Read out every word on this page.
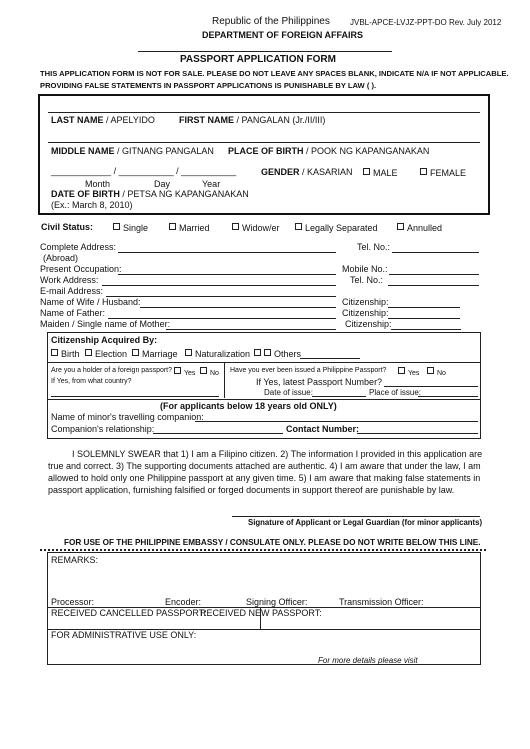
Republic of the Philippines	JVBL-APCE-LVJZ-PPT-DO Rev. July 2012
DEPARTMENT OF FOREIGN AFFAIRS
PASSPORT APPLICATION FORM
THIS APPLICATION FORM IS NOT FOR SALE. PLEASE DO NOT LEAVE ANY SPACES BLANK, INDICATE N/A IF NOT APPLICABLE.
PROVIDING FALSE STATEMENTS IN PASSPORT APPLICATIONS IS PUNISHABLE BY LAW ( ).
LAST NAME / APELYIDO	FIRST NAME / PANGALAN (Jr./II/III)
MIDDLE NAME / GITNANG PANGALAN PLACE OF BIRTH / POOK NG KAPANGANAKAN
____________ / ___________ / ___________
Month	Day	Year
GENDER / KASARIAN	MALE	FEMALE
DATE OF BIRTH / PETSA NG KAPANGANAKAN
(Ex.: March 8, 2010)
Civil Status:	Single	Married	Widow/er	Legally Separated	Annulled
Complete Address:	Tel. No.:
(Abroad)
Present Occupation:	Mobile No.:
Work Address:	Tel. No.:
E-mail Address:
Name of Wife / Husband:	Citizenship:
Name of Father:	Citizenship:
Maiden / Single name of Mother:	Citizenship:
Citizenship Acquired By:
Birth	Election	Marriage	Naturalization	Others
Are you a holder of a foreign passport?	Yes	No Have you ever been issued a Philippine Passport?	Yes	No
If Yes, from what country?	If Yes, latest Passport Number?
Date of issue:	Place of issue:
(For applicants below 18 years old ONLY)
Name of minor's travelling companion:
Companion's relationship:	Contact Number:
I SOLEMNLY SWEAR that 1) I am a Filipino citizen. 2) The information I provided in this application are
true and correct. 3) The supporting documents attached are authentic. 4) I am aware that under the law, I am
allowed to hold only one Philippine passport at any given time. 5) I am aware that making false statements in
passport application, furnishing falsified or forged documents in support thereof are punishable by law.
Signature of Applicant or Legal Guardian (for minor applicants)
FOR USE OF THE PHILIPPINE EMBASSY / CONSULATE ONLY. PLEASE DO NOT WRITE BELOW THIS LINE.
REMARKS:
Processor:	Encoder:	Signing Officer:	Transmission Officer:
RECEIVED CANCELLED PASSPORT:
RECEIVED NEW PASSPORT:
FOR ADMINISTRATIVE USE ONLY:
For more details please visit
